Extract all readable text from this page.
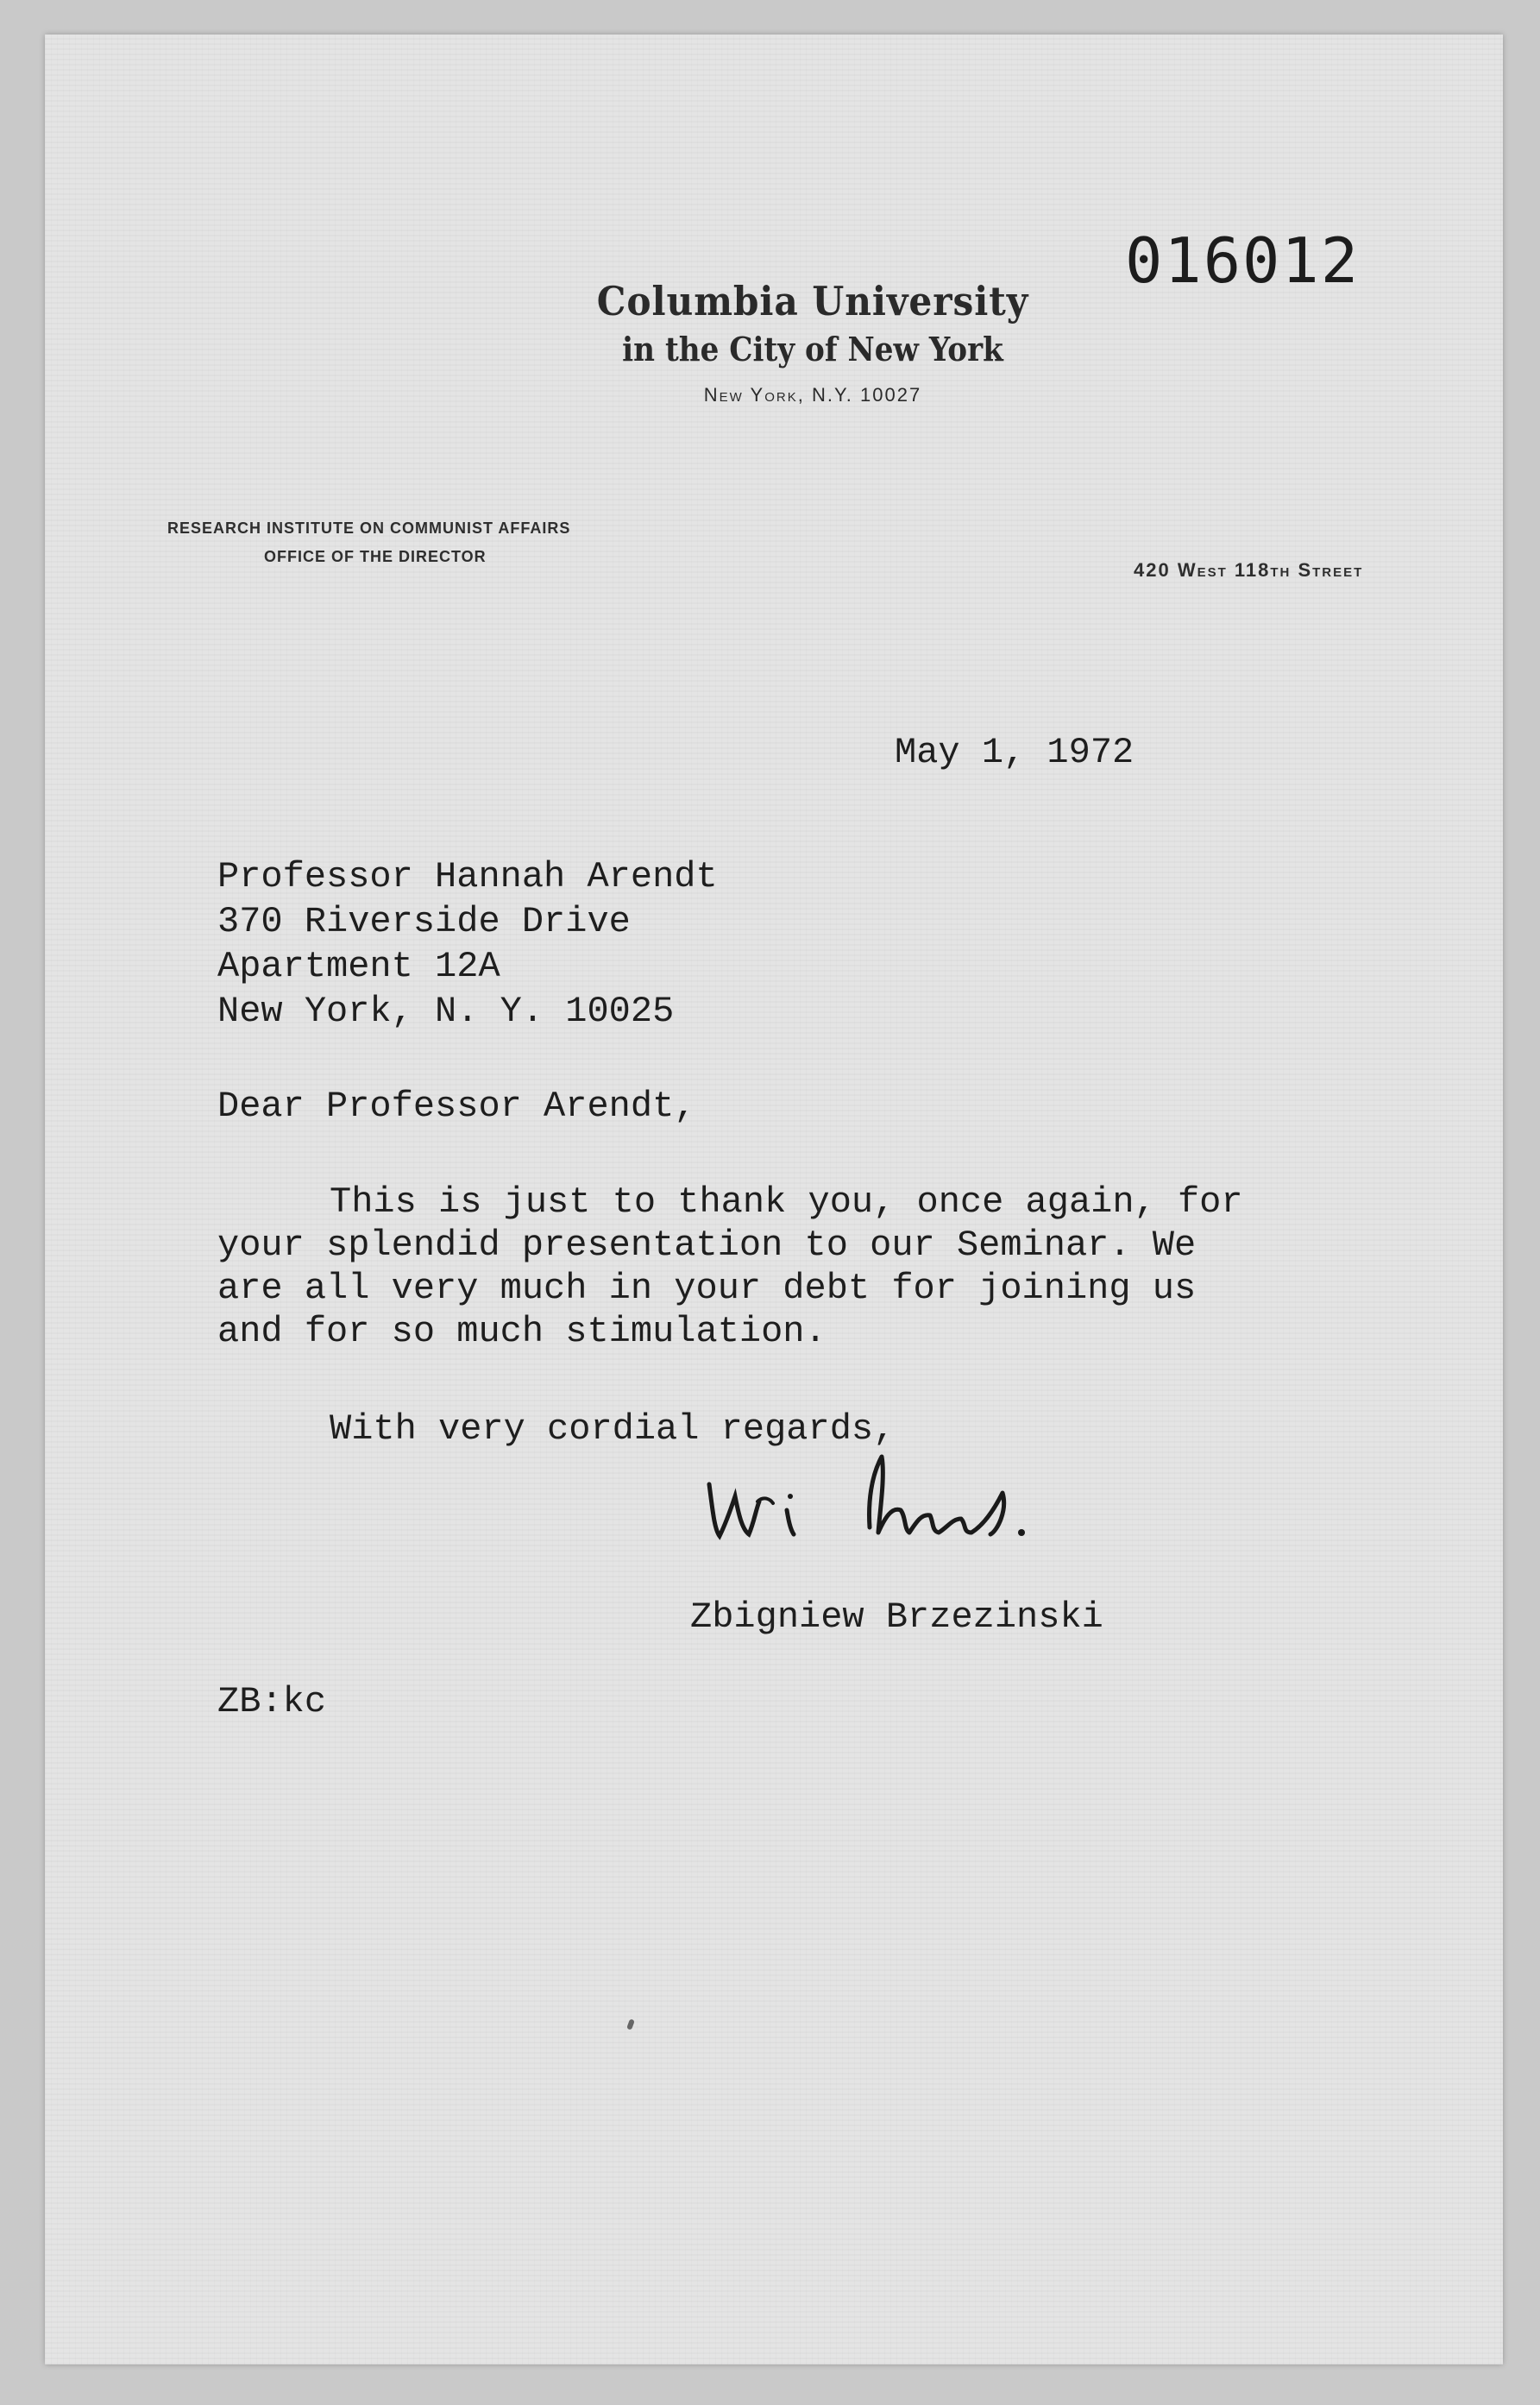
016012
Columbia University
in the City of New York
New York, N.Y. 10027
RESEARCH INSTITUTE ON COMMUNIST AFFAIRS
OFFICE OF THE DIRECTOR
420 West 118th Street
May 1, 1972
Professor Hannah Arendt
370 Riverside Drive
Apartment 12A
New York, N. Y. 10025
Dear Professor Arendt,
This is just to thank you, once again, for
your splendid presentation to our Seminar. We
are all very much in your debt for joining us
and for so much stimulation.
With very cordial regards,
Zbigniew Brzezinski
ZB:kc
